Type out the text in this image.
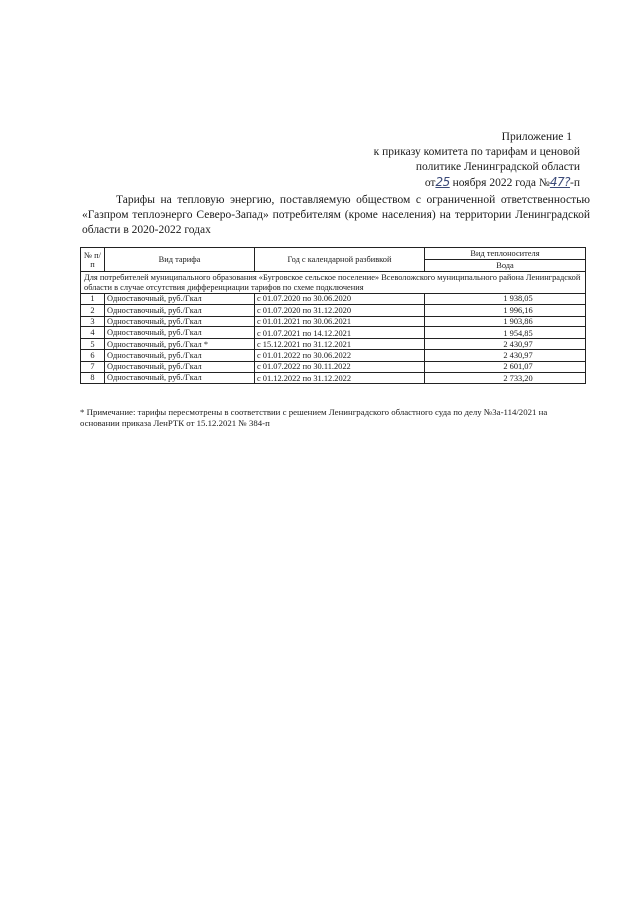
Приложение 1
к приказу комитета по тарифам и ценовой
политике Ленинградской области
от25 ноября 2022 года №47?-п
Тарифы на тепловую энергию, поставляемую обществом с ограниченной ответственностью «Газпром теплоэнерго Северо-Запад» потребителям (кроме населения) на территории Ленинградской области в 2020-2022 годах
№ п/п	Вид тарифа	Год с календарной разбивкой	Вид теплоносителя
			Вода
Для потребителей муниципального образования «Бугровское сельское поселение» Всеволожского муниципального района Ленинградской области в случае отсутствия дифференциации тарифов по схеме подключения			
1	Одноставочный, руб./Гкал	с 01.07.2020 по 30.06.2020	1 938,05
2	Одноставочный, руб./Гкал	с 01.07.2020 по 31.12.2020	1 996,16
3	Одноставочный, руб./Гкал	с 01.01.2021 по 30.06.2021	1 903,86
4	Одноставочный, руб./Гкал	с 01.07.2021 по 14.12.2021	1 954,85
5	Одноставочный, руб./Гкал *	с 15.12.2021 по 31.12.2021	2 430,97
6	Одноставочный, руб./Гкал	с 01.01.2022 по 30.06.2022	2 430,97
7	Одноставочный, руб./Гкал	с 01.07.2022 по 30.11.2022	2 601,07
8	Одноставочный, руб./Гкал	с 01.12.2022 по 31.12.2022	2 733,20
* Примечание: тарифы пересмотрены в соответствии с решением Ленинградского областного суда по делу №3а-114/2021 на основании приказа ЛенРТК от 15.12.2021 № 384-п
